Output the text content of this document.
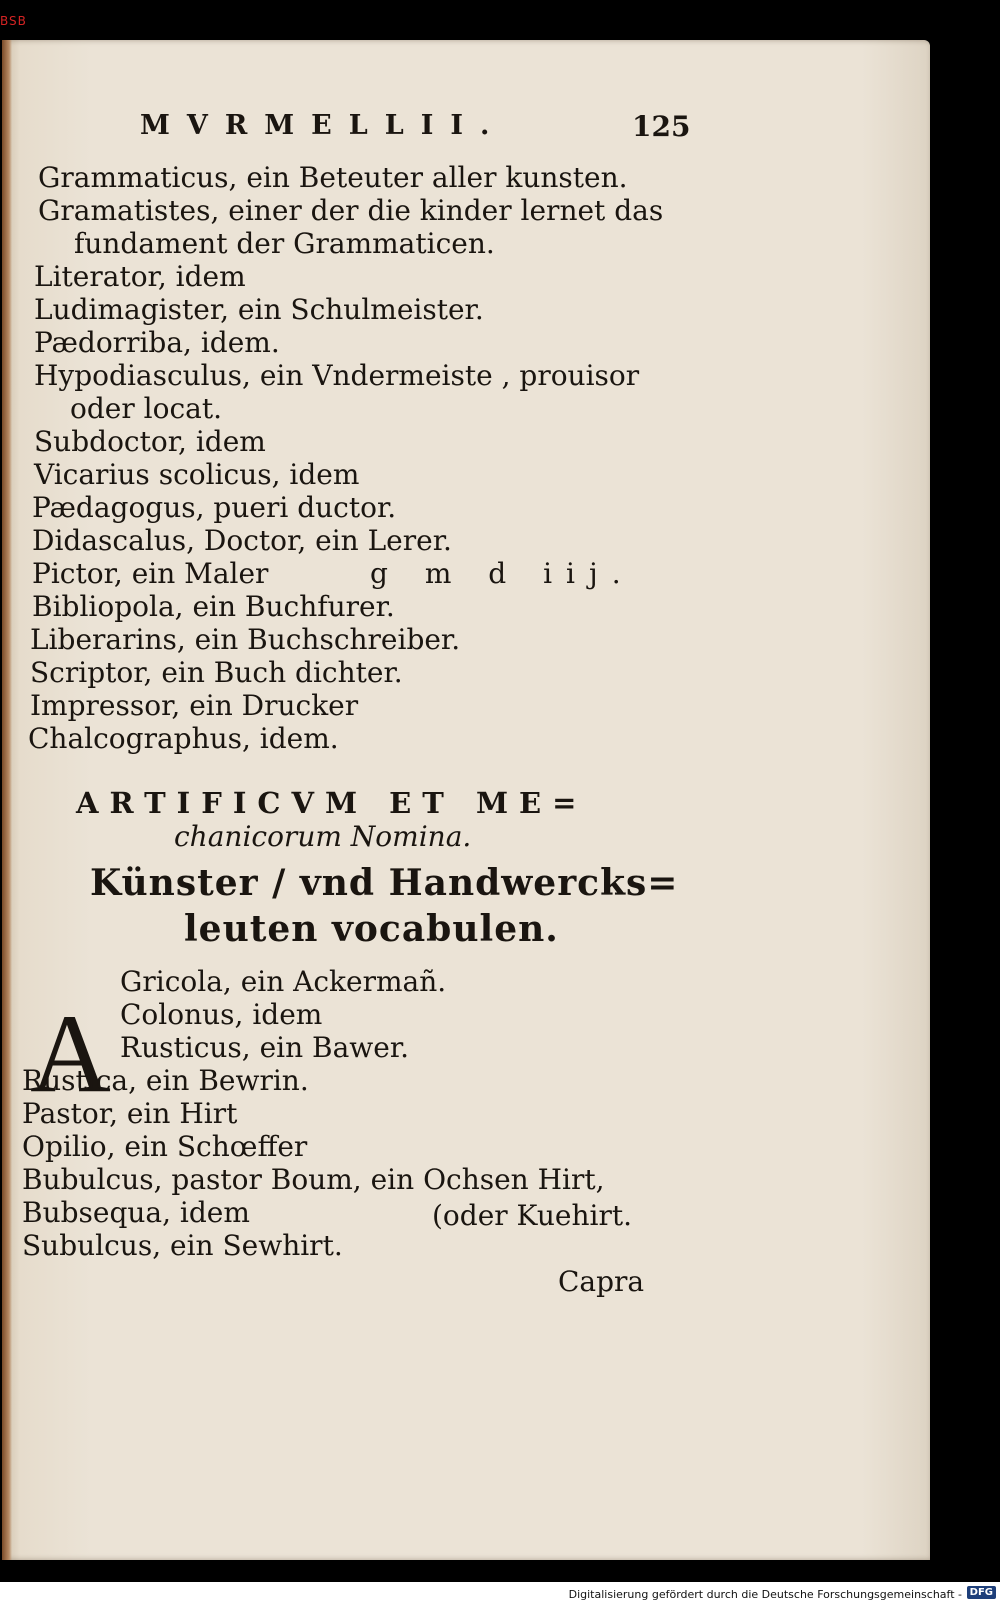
BSB
MVRMELLII.	125
Grammaticus, ein Beteuter aller kunsten.
Gramatistes, einer der die kinder lernet das
fundament der Grammaticen.
Literator, idem
Ludimagister, ein Schulmeister.
Pædorriba, idem.
Hypodiasculus, ein Vndermeiste , prouisor
oder locat.
Subdoctor, idem
Vicarius scolicus, idem
Pædagogus, pueri ductor.
Didascalus, Doctor, ein Lerer.
Pictor, ein Maler	g m d iij.
Bibliopola, ein Buchfurer.
Liberarins, ein Buchschreiber.
Scriptor, ein Buch dichter.
Impressor, ein Drucker
Chalcographus, idem.
ARTIFICVM ET ME=
chanicorum Nomina.
Künster / vnd Handwercks=
leuten vocabulen.
A
Gricola, ein Ackermañ.
Colonus, idem
Rusticus, ein Bawer.
Rustica, ein Bewrin.
Pastor, ein Hirt
Opilio, ein Schœffer
Bubulcus, pastor Boum, ein Ochsen Hirt,
Bubsequa, idem	(oder Kuehirt.
Subulcus, ein Sewhirt.
Capra
Digitalisierung gefördert durch die Deutsche Forschungsgemeinschaft - DFG
